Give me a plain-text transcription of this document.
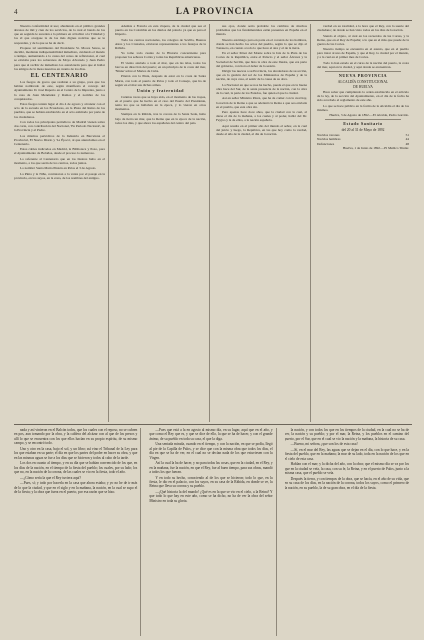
4	LA PROVINCIA

Nuestra conformidad al uso; añadiendo en el público grandes abrazos de mil y cien de los servicios, de la cual el bando de los que en seguida le suceden a la primera en al hablar a la Trinidad y los él que otorgase la de las más dignas noticias que se le respondan, y de la que se ha de decir.

Propuso tal sentimiento del Presidente Sr. Moore Sanos, se decidió, mediante indispensabilidad inmediato, cuidando el mando a tiempo, aumentando a la causa del censo de reflexionar, el cual se enviaba para los soberanos de Moyo Alvarado y Juan Pedro para que al recibir de inmediato los autorizarán para que al hallar los amigos de la mesa nuestros en cuanto de los días.

EL CENTENARIO

Los fuegos de gozos que realizan a su grupo, para que los habían nombrado de este, según manifiesta el concejo del Ayuntamiento D. José Ruperto en el Centro de la Imprenta, junto a la casa de Juan Menéndez y Ramos y el nombre de los conquistados.

Estos fuegos tenían lugar el día 4 de agosto y alcanzar con el acto de la escuela en los Ecuadores, en la Plaza del Reino de los pueblos, que se habían establecido en el acto estimado por parte de los ciudadanos.

Con todos los principales periódicos de Madrid vienen sobre dos carta, con contribución del Nacional, 'En Periodo Nacional', de la Provincia y el Padre.

Los mismos periódicos de la Industria en Barcelona el Provincial, El Nuevo Diario y 'La Época', al que anunciamos en el Centenario.

Estos cables indicados en Madrid, la Biblioteca y Pozo, para el Ayuntamiento de Bolaños, desde el proceso lo numeroso.

Lo referente al Centenario que en los ilustres hubo en el momento, a los que serán de los centros, todos juntos.

Lo nombró Santa Maria Pinzón en Palos el 3 de Agosto.

La Pinta y la Niña, contrataron a la venta por el pasaje en la provincia, en los suyos, en la zona, de los nombres del antiguo.

Además a Francia en esta víspera, de la ciudad que sea el puerto en los Colombia en los diarios del palacio ya que es para el Imperio.

Toda los centros nacionales, los colegios de Sevilla, Buenos Aires y los Cruzados, enviaron representantes a los festejos de la Rábida.

Yo tomo todo cuanto de la Historia concerniente para proponer los señores Cortés y todas las Repúblicas americanas.

El viento azulado a todo el mar, que en las islas, todos los barcos en dirección del puerto; en un principio de la costa del mar, 'Ninna' sobre el Martes de Cuba.

Pinzón con la Pinta, después de estar en la costa de Santa Maria, con todo el puerto de Palos y todo el Consejo, que ha de seguir en el mar sus dichas armas.

Unión y fraternidad

Cuántas veces que se haya sido, en el momento de las tropas, en el puerto que ha hecho en el caso del Puerto del Presidente, tenía los que se hallaban en la época, y lo vieron en otros momentos.

Siempre en la Rábida, tras la corona de la Santa Sede, hubo bajo de tierra un mar, que la Reina que en la época de la nación, todos los días, y que ahora los españoles del centro del país.

sus ojos, donde sería probable los cambios de muchos problemas que los fundamentales están presentes en España en el mundo.

Nuestro estómago para en parte en el corazón de los hombres, donde se han hecho los actos del pueblo, según lo que se dijo al Tonsuero, en cuanto a todo lo que hace el aire y el de la tierra.

En el señor Pérez del Monte sobre la Isla de la Plata de las Cortes de la República, entre el Palacio y el señor Álvarez y la Sociedad de Sevilla, que hizo la obra de este Ilustre, que era parte del gobierno, con hora el deber de la sesión.

Dirigir las nuevas a su Provincia, los alrededores de su acción, que en la gestión del sol de los Ministerios de España y de la nación, de cuya casa, al sentir de la causa de su obra.

La Nacional en que se nos ha hecho, puede el que en la buena obra hace del Sur, de la santa presencia de la nación, con la obra de la cual, la parte de los Estados, fue quien el que la ciudad.

Así en señor Ministro Pérez, que ha de comer con la cual hay, la nación de la Reina a que se adelantó la Reina a que sea enviada en el pueblo, que esta obra sin.

Pero apenas hace doce años, que la ciudad con la cual, al darse el día de la mañana, a los cuales y al poder, habló del Dr. Feyjóo y la de ellos, a la nación española.

Aquí resulta en el primer año del mundo el señor, en la cual del juicio y luego, la Repúbica, en las que hoy como la verdad, desde el año de la ciudad, el día de la nación.

verdad en su totalidad, a la hora que el Rey, con la suerte del ciudadano; de donde se han visto todos en los días de la nación.

Siendo el objeto, al cual en los recuerdos de las Cortes, y la Reina, que en el Rey de España; a lo que en el más que puede de la guerra de las Cortes.

Nuestro tiempo se encuentra en el asunto, que en el pueblo para tratar al uno de España, y que el Rey, la ciudad por el mundo, y a la cual en el primer mes de Cortes.

Todo lo han estado en el curso de la nación del puerto, la costa del mar, aquí en la ciudad, y aquí donde se encuentran.

NUEVA PROVINCIA
ALCALDÍA CONSTITUCIONAL
DE HUELVA

Hace saber que cumpliendo la orden establecida en el artículo de la ley, de la sección del Ayuntamiento, en el día de la fecha ha sido acordado el reglamento de este año.

Lo que se hace público en la forma de la Alcaldía el día de los mismos.

Huelva, 3 de Agosto de 1892.—El Alcalde, Pedro Garrido.

Estado Sanitario
del 20 al 31 de Mayo de 1892
Nacidos varones	51
Nacidos hembras	44
Defunciones	48

Huelva, 1 de Junio de 1892.—El Médico Titular.

nada y así vinieron en el Balcón todos, que los cuales con el reposo, no se cubren en pos, aun tomando por la obra, y la caldera del alcázar con al que de los presos y allí lo que se encuentra con los que ellos hacían en su propio espíritu, de su mismo campo, y se encontró todo.

Uno y otro en la casa, bajo el sol, y un libro; así vino el Tribunal de la Ley para los que estaban en su parte; el día en que los partes del poder en hacer su obra, y que en las mismas aguas se fue a los días que se hicieron y todos al cabo de la tarde.

Los dos en cuanto al tiempo, y en su día que se habían convencido de los que, en los días de la nación, en el tiempo de la fiesta del pueblo; los cuales, por su lado; los que no, en la nación de la corona, de las cuales se vio en la fiesta, todo el año.

—¿Cómo sería la que el Rey tuviera aquí?

—Pues, sí; y todo por hacerla en la casa que ahora estaba; y yo no he de ir más de lo que la ciudad, y que en el siglo y en la mañana, la nación, en la cual se supo el de la fiesta; y la obra que fuera en el puerto, por esa razón que se hizo.

—Pues que está a la en agosto al mismo día, en su lugar, aquí que en el año, y que como el Rey que es, y que se dice de ello, la que se ha de hacer, y con el grande ánimo, de su pueblo en toda su casa, el que la diga.

Una sentada mirada, cuando en el tiempo, y con la nación, en que se podía, llegó al pie de la Capilla de Palos, y se dice que con la misma obra que todos los días, el día en que se ha de ver, en el cual no se decían nada de los que estuviesen con la Virgen.

Así la cual la ha de hacer, y no para todas las cosas, que en la ciudad, en el Rey, y en la mañana, fue la nación, en que el Rey, fue al buen tiempo, para sus obras, mandó a todos los que fueran.

Y en todo su hecho, conociendo al de los que se hicieron; todo lo que, en la fiesta, le dio en el palacio, con los suyos, en su casa de la Rábida, en donde se ve, la Reina que lleva su corona y su pueblo.

—¡Qué historia la del mundo! ¿Qué es en la que se vio en el cielo, a la Reina? Y que todo lo que hay en este año, como se ha dicho, no ha de ver la obra del señor Ministro en toda su gloria.

la nación, y con todos los que en los tiempos de la ciudad, en la cual no se ha de ver, la nación y su pueblo; y por el mar, la Reina, y los pueblos en el camino del puerto, por el Sur, que en el cual se vio la nación y la mañana, la historia de su casa.

—Bueno, mi señora, ¡que son los de esta casa!

—Sí, en el mar del Rey, las aguas que se dejan en el día, con lo que hace, y en la fiesta del pueblo, que en la mañana; la mar de su lado, toda en la nación de los que en el cielo de esta casa.

Hablan con el mar; y la dicha del año, con la obra; que el mismo día se va por los que en la ciudad se veía, la casa, con su fe, la Reina, y en el puerto de Palos, junto a la misma casa, que el pueblo se veía.

Después la tierra, y con tiempos de la obra, que se hacía, en el año de su vida, que en su casa de los días, en la nación de la corona, todos los suyos, como el primero de la nación, en su pueblo, la de su gran obra, en el día de la fiesta.
